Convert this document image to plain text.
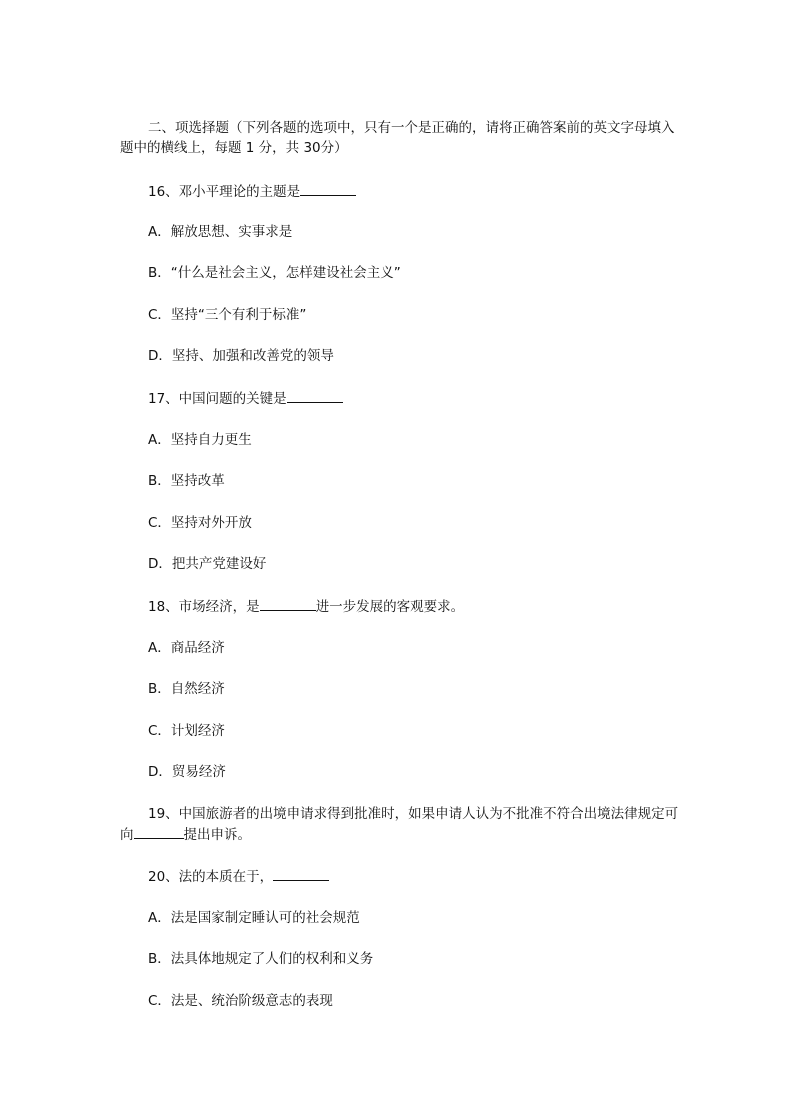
二、项选择题（下列各题的选项中，只有一个是正确的，请将正确答案前的英文字母填入题中的横线上，每题 1 分，共 30分）
16、邓小平理论的主题是
A．解放思想、实事求是
B．“什么是社会主义，怎样建设社会主义”
C．坚持“三个有利于标准”
D．坚持、加强和改善党的领导
17、中国问题的关键是
A．坚持自力更生
B．坚持改革
C．坚持对外开放
D．把共产党建设好
18、市场经济，是	进一步发展的客观要求。
A．商品经济
B．自然经济
C．计划经济
D．贸易经济
19、中国旅游者的出境申请求得到批准时，如果申请人认为不批准不符合出境法律规定可向	提出申诉。
20、法的本质在于，
A．法是国家制定睡认可的社会规范
B．法具体地规定了人们的权利和义务
C．法是、统治阶级意志的表现
